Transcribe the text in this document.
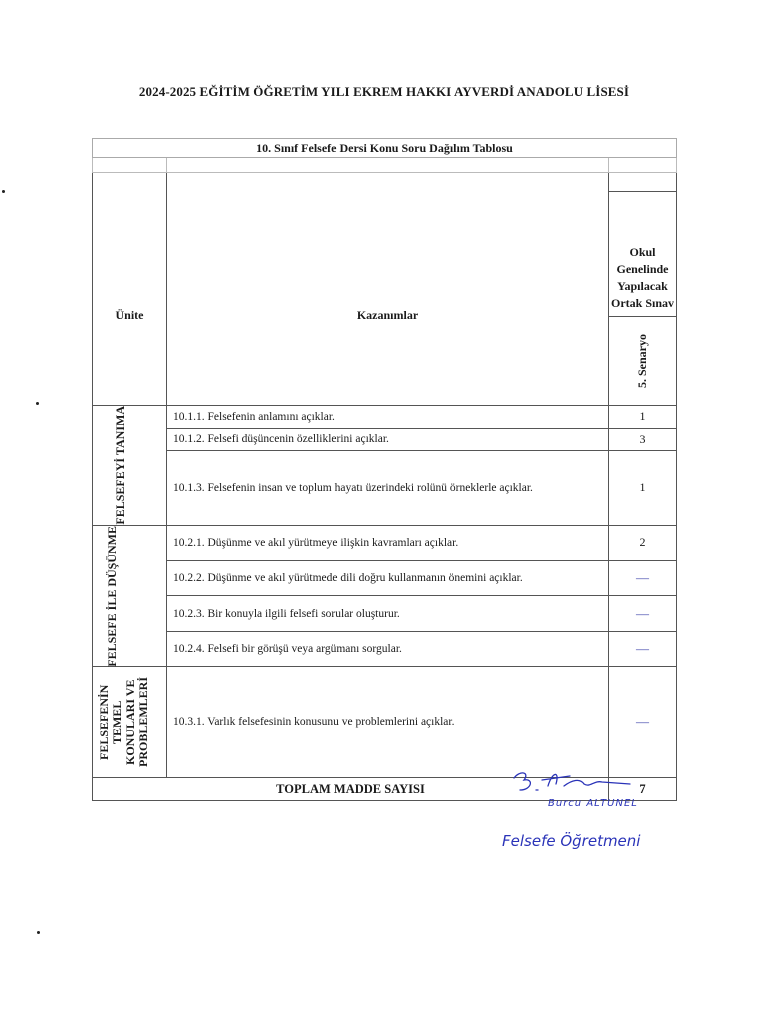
2024-2025 EĞİTİM ÖĞRETİM YILI EKREM HAKKI AYVERDİ ANADOLU LİSESİ
10. Sınıf Felsefe Dersi Konu Soru Dağılım Tablosu		

Ünite	Kazanımlar	
		Okul Genelinde Yapılacak Ortak Sınav

		5. Senaryo

FELSEFEYİ TANIMA	10.1.1. Felsefenin anlamını açıklar.	1
	10.1.2. Felsefi düşüncenin özelliklerini açıklar.	3
	10.1.3. Felsefenin insan ve toplum hayatı üzerindeki rolünü örneklerle açıklar.	1

FELSEFE İLE DÜŞÜNME	10.2.1. Düşünme ve akıl yürütmeye ilişkin kavramları açıklar.	2
	10.2.2. Düşünme ve akıl yürütmede dili doğru kullanmanın önemini açıklar.	—
	10.2.3. Bir konuyla ilgili felsefi sorular oluşturur.	—
	10.2.4. Felsefi bir görüşü veya argümanı sorgular.	—

FELSEFENİN TEMEL KONULARI VE PROBLEMLERİ	10.3.1. Varlık felsefesinin konusunu ve problemlerini açıklar.	—
TOPLAM MADDE SAYISI		7
Burcu ALTUNEL
Felsefe Öğretmeni
